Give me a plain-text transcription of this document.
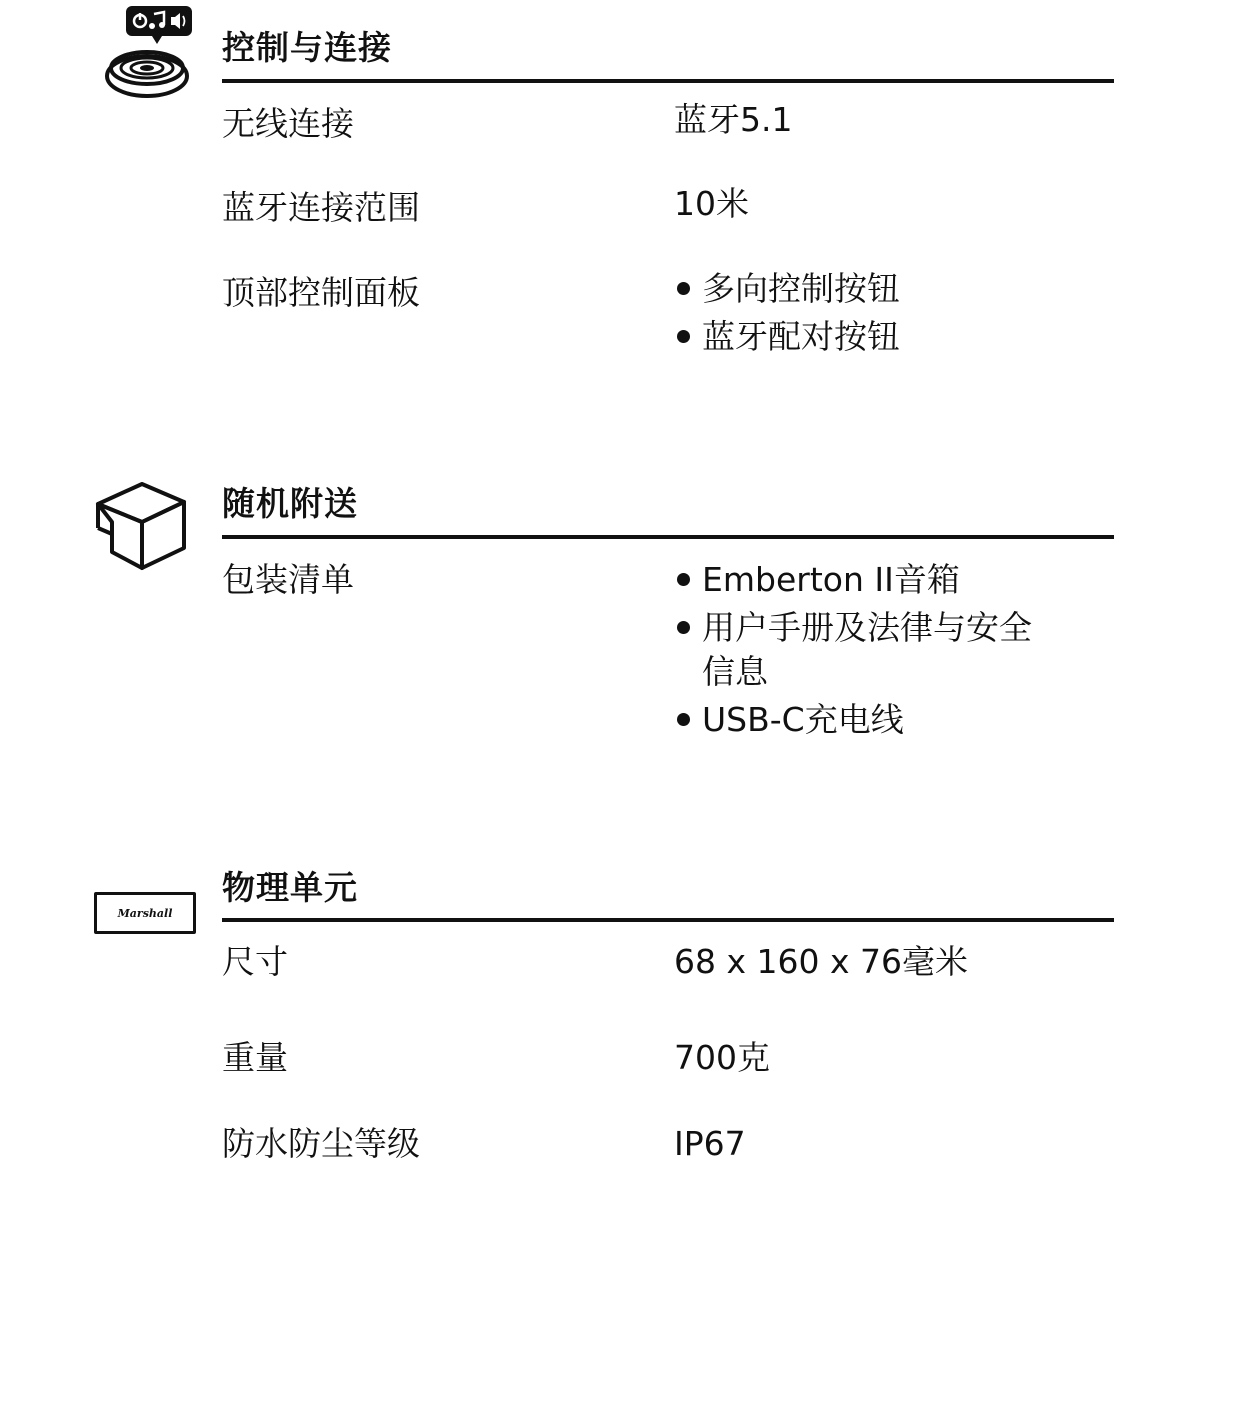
控制与连接
无线连接	蓝牙5.1
蓝牙连接范围	10米
顶部控制面板	多向控制按钮
蓝牙配对按钮
随机附送
包装清单	Emberton II音箱
用户手册及法律与安全信息
USB-C充电线
Marshall
物理单元
尺寸	68 x 160 x 76毫米
重量	700克
防水防尘等级	IP67
